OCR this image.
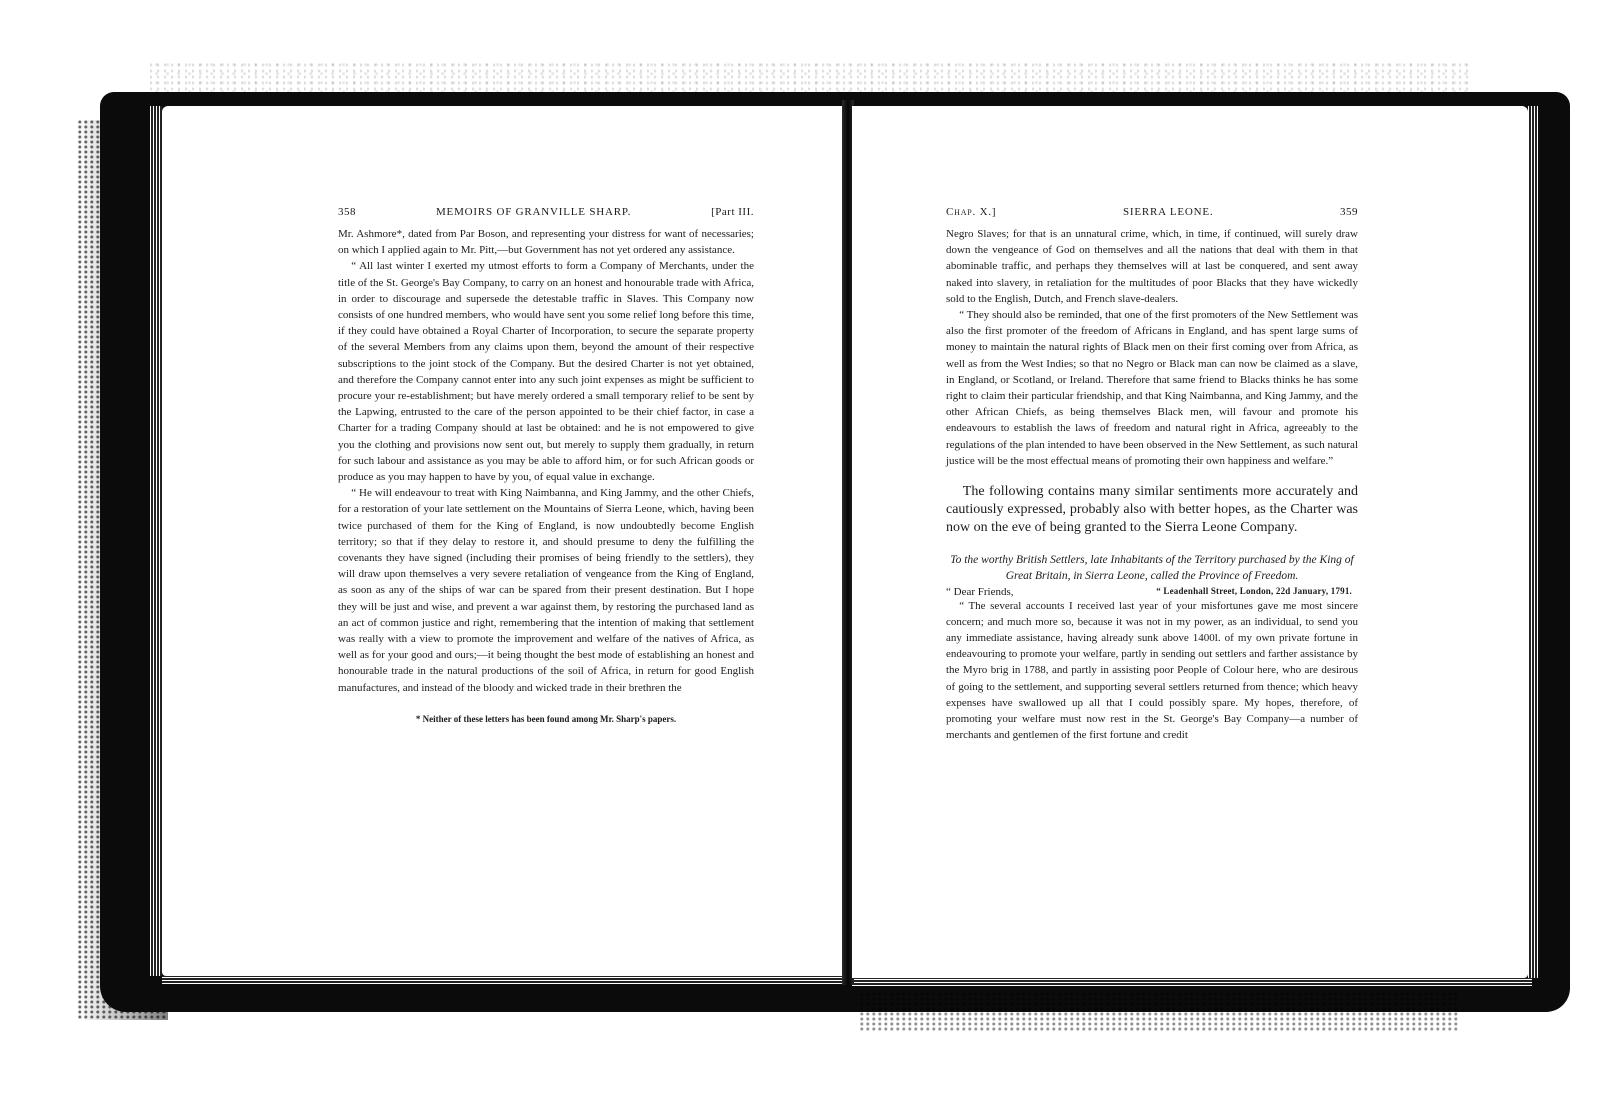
358	MEMOIRS OF GRANVILLE SHARP.	[Part III.

Mr. Ashmore*, dated from Par Boson, and representing your distress for want of necessaries; on which I applied again to Mr. Pitt,—but Government has not yet ordered any assistance.

“ All last winter I exerted my utmost efforts to form a Company of Merchants, under the title of the St. George's Bay Company, to carry on an honest and honourable trade with Africa, in order to discourage and supersede the detestable traffic in Slaves. This Company now consists of one hundred members, who would have sent you some relief long before this time, if they could have obtained a Royal Charter of Incorporation, to secure the separate property of the several Members from any claims upon them, beyond the amount of their respective subscriptions to the joint stock of the Company. But the desired Charter is not yet obtained, and therefore the Company cannot enter into any such joint expenses as might be sufficient to procure your re-establishment; but have merely ordered a small temporary relief to be sent by the Lapwing, entrusted to the care of the person appointed to be their chief factor, in case a Charter for a trading Company should at last be obtained: and he is not empowered to give you the clothing and provisions now sent out, but merely to supply them gradually, in return for such labour and assistance as you may be able to afford him, or for such African goods or produce as you may happen to have by you, of equal value in exchange.

“ He will endeavour to treat with King Naimbanna, and King Jammy, and the other Chiefs, for a restoration of your late settlement on the Mountains of Sierra Leone, which, having been twice purchased of them for the King of England, is now undoubtedly become English territory; so that if they delay to restore it, and should presume to deny the fulfilling the covenants they have signed (including their promises of being friendly to the settlers), they will draw upon themselves a very severe retaliation of vengeance from the King of England, as soon as any of the ships of war can be spared from their present destination. But I hope they will be just and wise, and prevent a war against them, by restoring the purchased land as an act of common justice and right, remembering that the intention of making that settlement was really with a view to promote the improvement and welfare of the natives of Africa, as well as for your good and ours;—it being thought the best mode of establishing an honest and honourable trade in the natural productions of the soil of Africa, in return for good English manufactures, and instead of the bloody and wicked trade in their brethren the

* Neither of these letters has been found among Mr. Sharp's papers.
Chap. X.]	SIERRA LEONE.	359

Negro Slaves; for that is an unnatural crime, which, in time, if continued, will surely draw down the vengeance of God on themselves and all the nations that deal with them in that abominable traffic, and perhaps they themselves will at last be conquered, and sent away naked into slavery, in retaliation for the multitudes of poor Blacks that they have wickedly sold to the English, Dutch, and French slave-dealers.

“ They should also be reminded, that one of the first promoters of the New Settlement was also the first promoter of the freedom of Africans in England, and has spent large sums of money to maintain the natural rights of Black men on their first coming over from Africa, as well as from the West Indies; so that no Negro or Black man can now be claimed as a slave, in England, or Scotland, or Ireland. Therefore that same friend to Blacks thinks he has some right to claim their particular friendship, and that King Naimbanna, and King Jammy, and the other African Chiefs, as being themselves Black men, will favour and promote his endeavours to establish the laws of freedom and natural right in Africa, agreeably to the regulations of the plan intended to have been observed in the New Settlement, as such natural justice will be the most effectual means of promoting their own happiness and welfare.”

The following contains many similar sentiments more accurately and cautiously expressed, probably also with better hopes, as the Charter was now on the eve of being granted to the Sierra Leone Company.

To the worthy British Settlers, late Inhabitants of the Territory purchased by the King of Great Britain, in Sierra Leone, called the Province of Freedom.
“ Dear Friends,	“ Leadenhall Street, London, 22d January, 1791.

“ The several accounts I received last year of your misfortunes gave me most sincere concern; and much more so, because it was not in my power, as an individual, to send you any immediate assistance, having already sunk above 1400l. of my own private fortune in endeavouring to promote your welfare, partly in sending out settlers and farther assistance by the Myro brig in 1788, and partly in assisting poor People of Colour here, who are desirous of going to the settlement, and supporting several settlers returned from thence; which heavy expenses have swallowed up all that I could possibly spare. My hopes, therefore, of promoting your welfare must now rest in the St. George's Bay Company—a number of merchants and gentlemen of the first fortune and credit
